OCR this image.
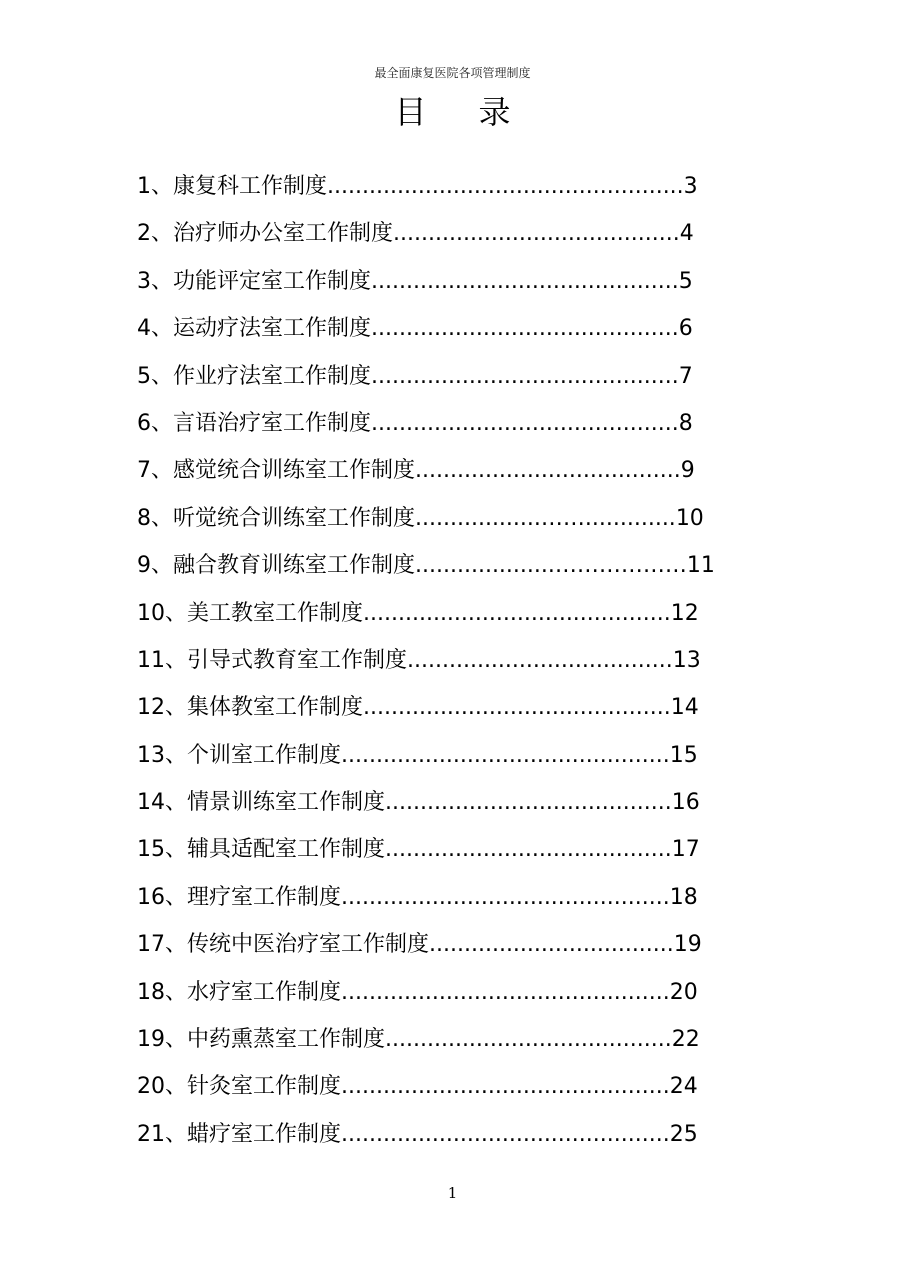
最全面康复医院各项管理制度
目录
1、康复科工作制度...................................................3
2、治疗师办公室工作制度.........................................4
3、功能评定室工作制度............................................5
4、运动疗法室工作制度............................................6
5、作业疗法室工作制度............................................7
6、言语治疗室工作制度............................................8
7、感觉统合训练室工作制度......................................9
8、听觉统合训练室工作制度..................…….............10
9、融合教育训练室工作制度....................………………11
10、美工教室工作制度............................................12
11、引导式教育室工作制度......................................13
12、集体教室工作制度............................................14
13、个训室工作制度...............................................15
14、情景训练室工作制度.........................................16
15、辅具适配室工作制度.........................................17
16、理疗室工作制度...............................................18
17、传统中医治疗室工作制度...................................19
18、水疗室工作制度...............................................20
19、中药熏蒸室工作制度.........................................22
20、针灸室工作制度...............................................24
21、蜡疗室工作制度...............................................25
1
